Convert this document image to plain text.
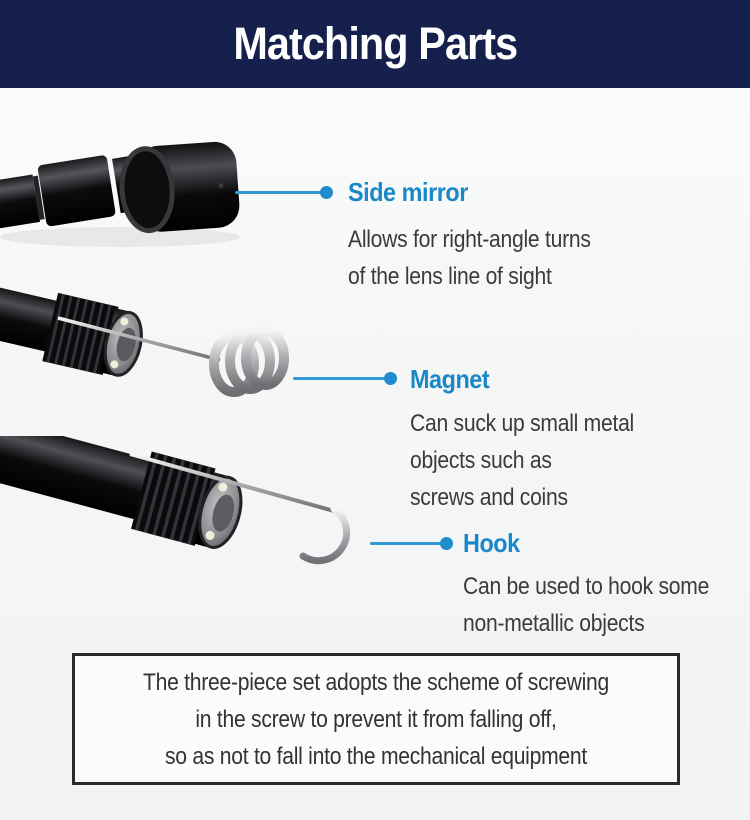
Matching Parts
Side mirror
Allows for right-angle turns
of the lens line of sight
Magnet
Can suck up small metal
objects such as
screws and coins
Hook
Can be used to hook some
non-metallic objects
The three-piece set adopts the scheme of screwing
in the screw to prevent it from falling off,
so as not to fall into the mechanical equipment
